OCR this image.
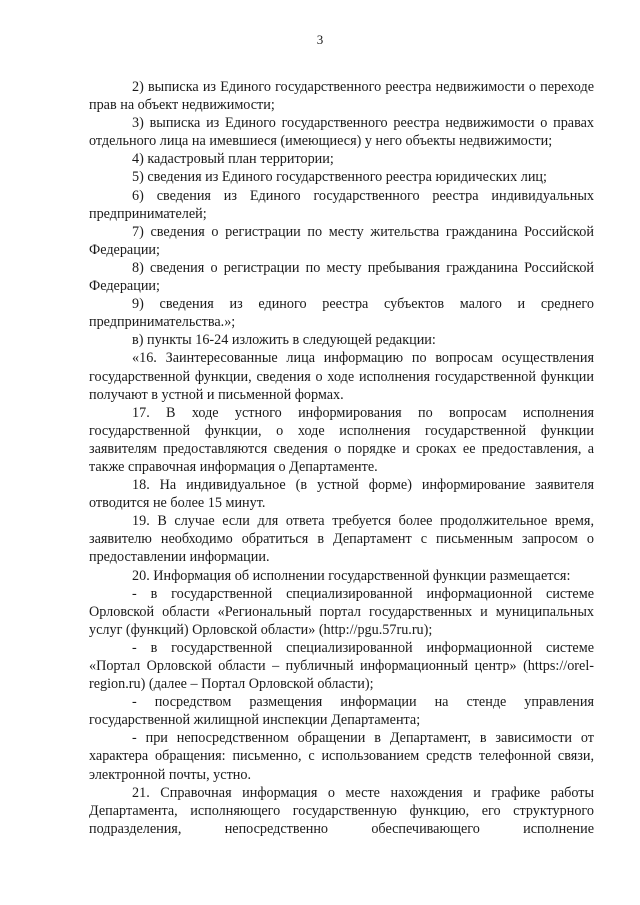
3

2) выписка из Единого государственного реестра недвижимости о переходе прав на объект недвижимости;

3) выписка из Единого государственного реестра недвижимости о правах отдельного лица на имевшиеся (имеющиеся) у него объекты недвижимости;

4) кадастровый план территории;

5) сведения из Единого государственного реестра юридических лиц;

6) сведения из Единого государственного реестра индивидуальных предпринимателей;

7) сведения о регистрации по месту жительства гражданина Российской Федерации;

8) сведения о регистрации по месту пребывания гражданина Российской Федерации;

9) сведения из единого реестра субъектов малого и среднего предпринимательства.»;

в) пункты 16-24 изложить в следующей редакции:

«16. Заинтересованные лица информацию по вопросам осуществления государственной функции, сведения о ходе исполнения государственной функции получают в устной и письменной формах.

17. В ходе устного информирования по вопросам исполнения государственной функции, о ходе исполнения государственной функции заявителям предоставляются сведения о порядке и сроках ее предоставления, а также справочная информация о Департаменте.

18. На индивидуальное (в устной форме) информирование заявителя отводится не более 15 минут.

19. В случае если для ответа требуется более продолжительное время, заявителю необходимо обратиться в Департамент с письменным запросом о предоставлении информации.

20. Информация об исполнении государственной функции размещается:

- в государственной специализированной информационной системе Орловской области «Региональный портал государственных и муниципальных услуг (функций) Орловской области» (http://pgu.57ru.ru);

- в государственной специализированной информационной системе «Портал Орловской области – публичный информационный центр» (https://orel-region.ru) (далее – Портал Орловской области);

- посредством размещения информации на стенде управления государственной жилищной инспекции Департамента;

- при непосредственном обращении в Департамент, в зависимости от характера обращения: письменно, с использованием средств телефонной связи, электронной почты, устно.

21. Справочная информация о месте нахождения и графике работы Департамента, исполняющего государственную функцию, его структурного

подразделения,	непосредственно	обеспечивающего	исполнение
